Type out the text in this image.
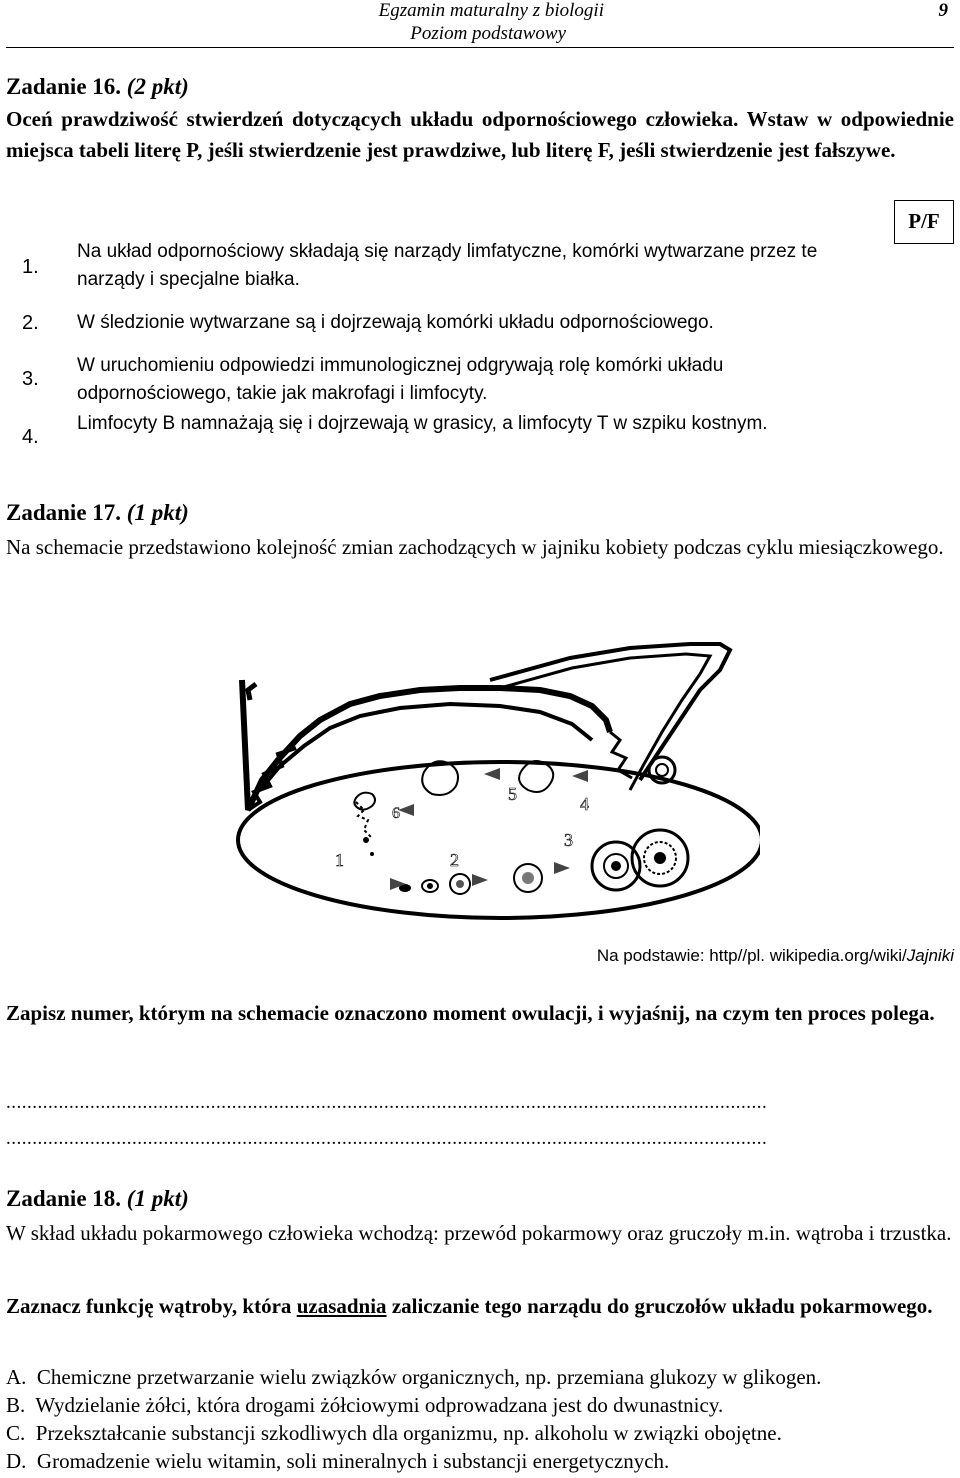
Egzamin maturalny z biologii
Poziom podstawowy
9
Zadanie 16. (2 pkt)
Oceń prawdziwość stwierdzeń dotyczących układu odpornościowego człowieka. Wstaw w odpowiednie miejsca tabeli literę P, jeśli stwierdzenie jest prawdziwe, lub literę F, jeśli stwierdzenie jest fałszywe.
P/F
1.
Na układ odpornościowy składają się narządy limfatyczne, komórki wytwarzane przez te narządy i specjalne białka.
2. W śledzionie wytwarzane są i dojrzewają komórki układu odpornościowego.
3.
W uruchomieniu odpowiedzi immunologicznej odgrywają rolę komórki układu odpornościowego, takie jak makrofagi i limfocyty.
4.
Limfocyty B namnażają się i dojrzewają w grasicy, a limfocyty T w szpiku kostnym.
Zadanie 17. (1 pkt)
Na schemacie przedstawiono kolejność zmian zachodzących w jajniku kobiety podczas cyklu miesiączkowego.
1	2
3
4
5
6
Na podstawie: http//pl. wikipedia.org/wiki/Jajniki
Zapisz numer, którym na schemacie oznaczono moment owulacji, i wyjaśnij, na czym ten proces polega.
.................................................................................................................................................
.................................................................................................................................................
Zadanie 18. (1 pkt)
W skład układu pokarmowego człowieka wchodzą: przewód pokarmowy oraz gruczoły m.in. wątroba i trzustka.
Zaznacz funkcję wątroby, która uzasadnia zaliczanie tego narządu do gruczołów układu pokarmowego.
A. Chemiczne przetwarzanie wielu związków organicznych, np. przemiana glukozy w glikogen.
B. Wydzielanie żółci, która drogami żółciowymi odprowadzana jest do dwunastnicy.
C. Przekształcanie substancji szkodliwych dla organizmu, np. alkoholu w związki obojętne.
D. Gromadzenie wielu witamin, soli mineralnych i substancji energetycznych.
